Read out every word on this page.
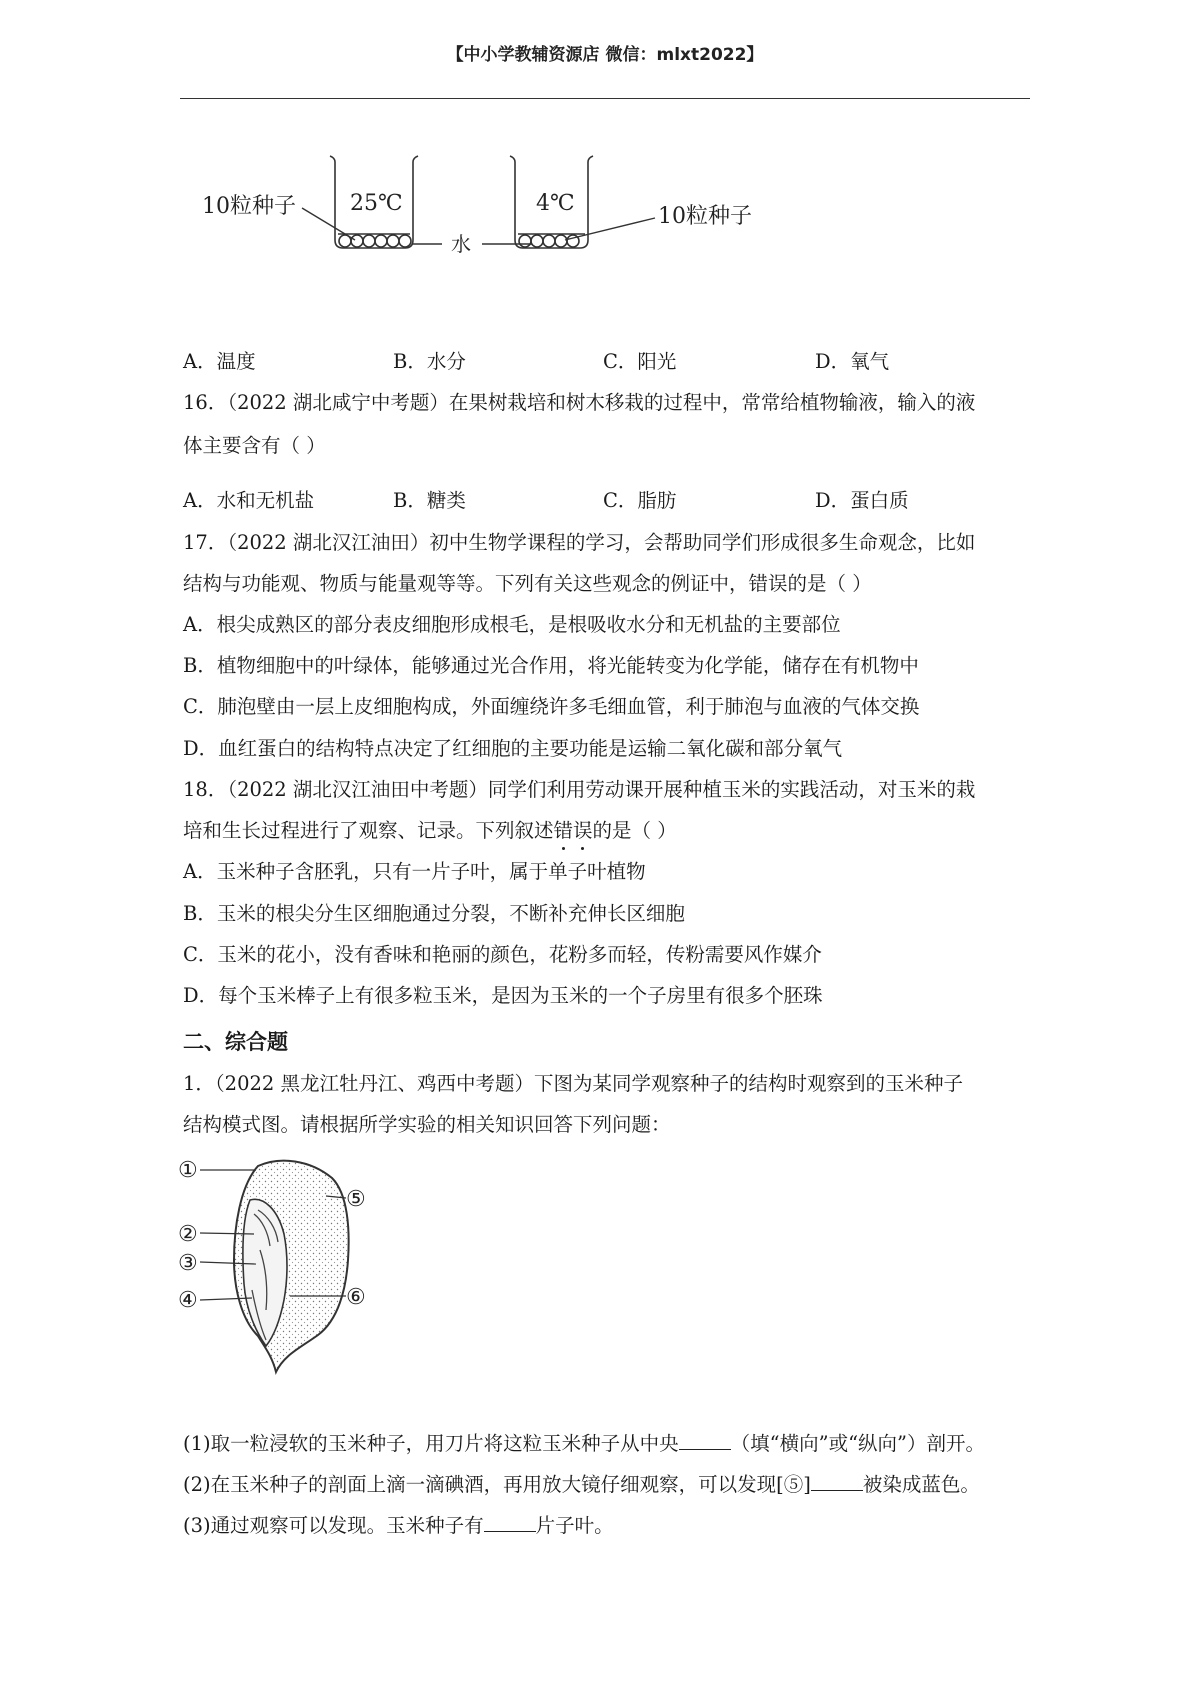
【中小学教辅资源店 微信：mlxt2022】
10粒种子 25℃	4℃
水
10粒种子
A．温度	B．水分	C．阳光	D．氧气
16．（2022 湖北咸宁中考题）在果树栽培和树木移栽的过程中，常常给植物输液，输入的液
体主要含有（ ）
A．水和无机盐	B．糖类	C．脂肪	D．蛋白质
17．（2022 湖北汉江油田）初中生物学课程的学习，会帮助同学们形成很多生命观念，比如
结构与功能观、物质与能量观等等。下列有关这些观念的例证中，错误的是（ ）
A．根尖成熟区的部分表皮细胞形成根毛，是根吸收水分和无机盐的主要部位
B．植物细胞中的叶绿体，能够通过光合作用，将光能转变为化学能，储存在有机物中
C．肺泡壁由一层上皮细胞构成，外面缠绕许多毛细血管，利于肺泡与血液的气体交换
D．血红蛋白的结构特点决定了红细胞的主要功能是运输二氧化碳和部分氧气
18．（2022 湖北汉江油田中考题）同学们利用劳动课开展种植玉米的实践活动，对玉米的栽
培和生长过程进行了观察、记录。下列叙述错误的是（ ）
A．玉米种子含胚乳，只有一片子叶，属于单子叶植物
B．玉米的根尖分生区细胞通过分裂，不断补充伸长区细胞
C．玉米的花小，没有香味和艳丽的颜色，花粉多而轻，传粉需要风作媒介
D．每个玉米棒子上有很多粒玉米，是因为玉米的一个子房里有很多个胚珠
二、综合题
1．（2022 黑龙江牡丹江、鸡西中考题）下图为某同学观察种子的结构时观察到的玉米种子
结构模式图。请根据所学实验的相关知识回答下列问题：
①
⑤
②
③
④	⑥
(1)取一粒浸软的玉米种子，用刀片将这粒玉米种子从中央	（填“横向”或“纵向”）剖开。
(2)在玉米种子的剖面上滴一滴碘酒，再用放大镜仔细观察，可以发现[⑤]	被染成蓝色。
(3)通过观察可以发现。玉米种子有	片子叶。
